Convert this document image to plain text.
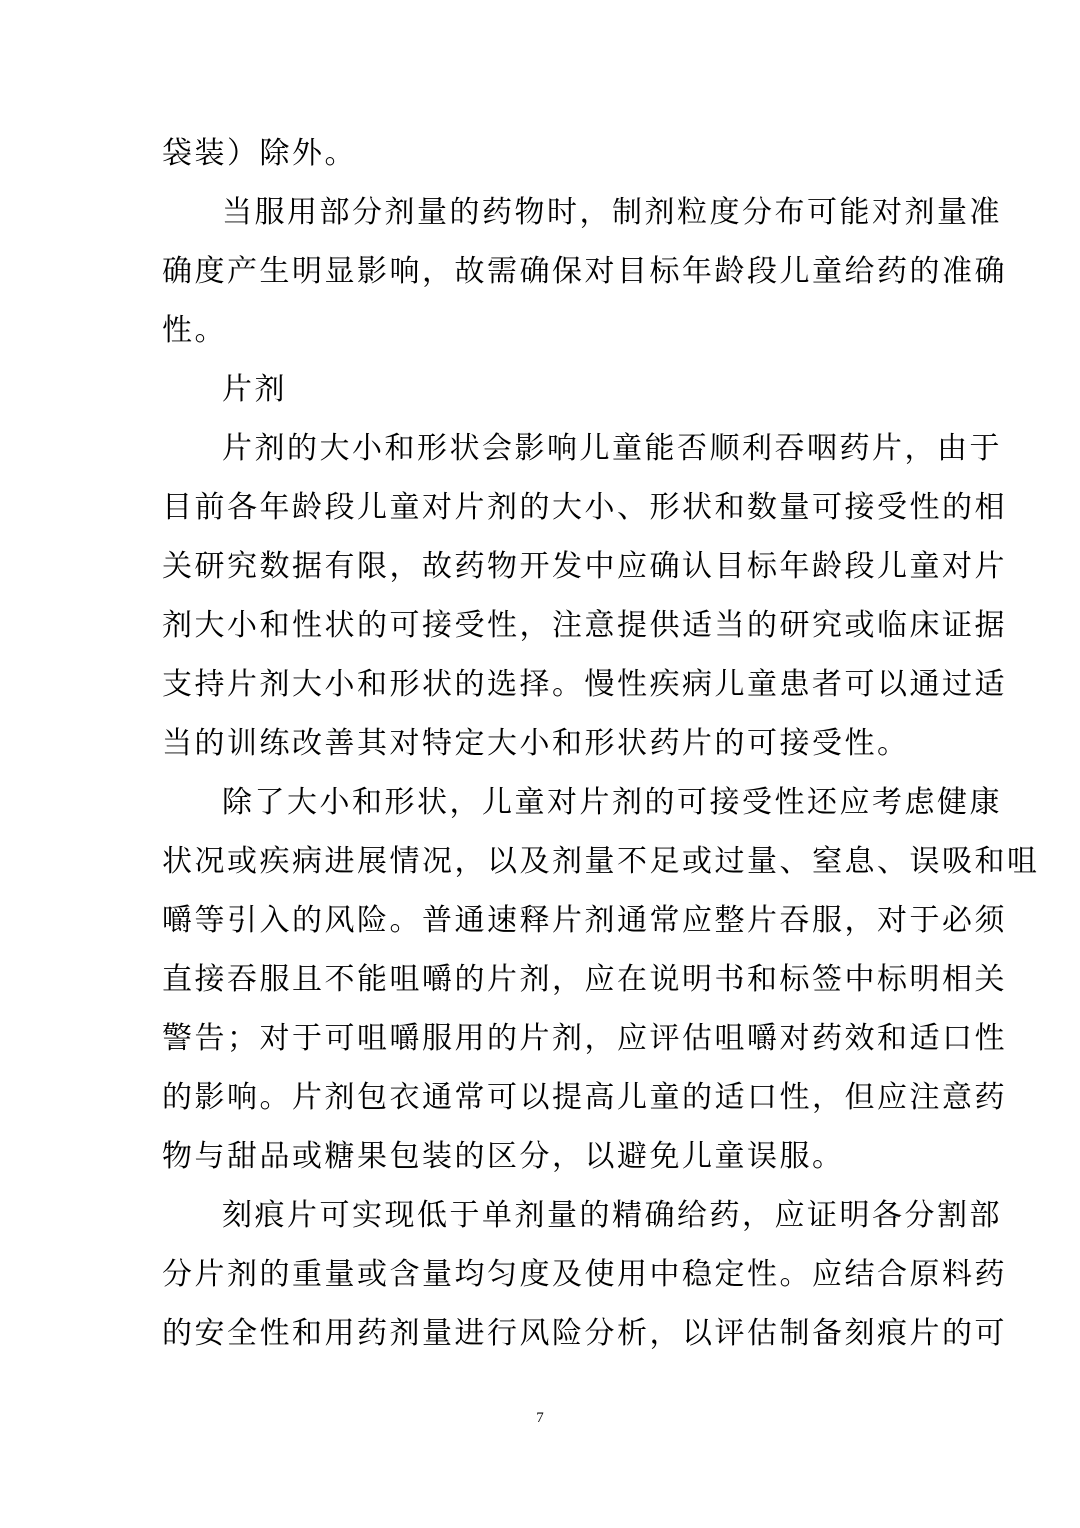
袋装）除外。
当服用部分剂量的药物时，制剂粒度分布可能对剂量准
确度产生明显影响，故需确保对目标年龄段儿童给药的准确
性。
片剂
片剂的大小和形状会影响儿童能否顺利吞咽药片，由于
目前各年龄段儿童对片剂的大小、形状和数量可接受性的相
关研究数据有限，故药物开发中应确认目标年龄段儿童对片
剂大小和性状的可接受性，注意提供适当的研究或临床证据
支持片剂大小和形状的选择。慢性疾病儿童患者可以通过适
当的训练改善其对特定大小和形状药片的可接受性。
除了大小和形状，儿童对片剂的可接受性还应考虑健康
状况或疾病进展情况，以及剂量不足或过量、窒息、误吸和咀
嚼等引入的风险。普通速释片剂通常应整片吞服，对于必须
直接吞服且不能咀嚼的片剂，应在说明书和标签中标明相关
警告；对于可咀嚼服用的片剂，应评估咀嚼对药效和适口性
的影响。片剂包衣通常可以提高儿童的适口性，但应注意药
物与甜品或糖果包装的区分，以避免儿童误服。
刻痕片可实现低于单剂量的精确给药，应证明各分割部
分片剂的重量或含量均匀度及使用中稳定性。应结合原料药
的安全性和用药剂量进行风险分析，以评估制备刻痕片的可
7
